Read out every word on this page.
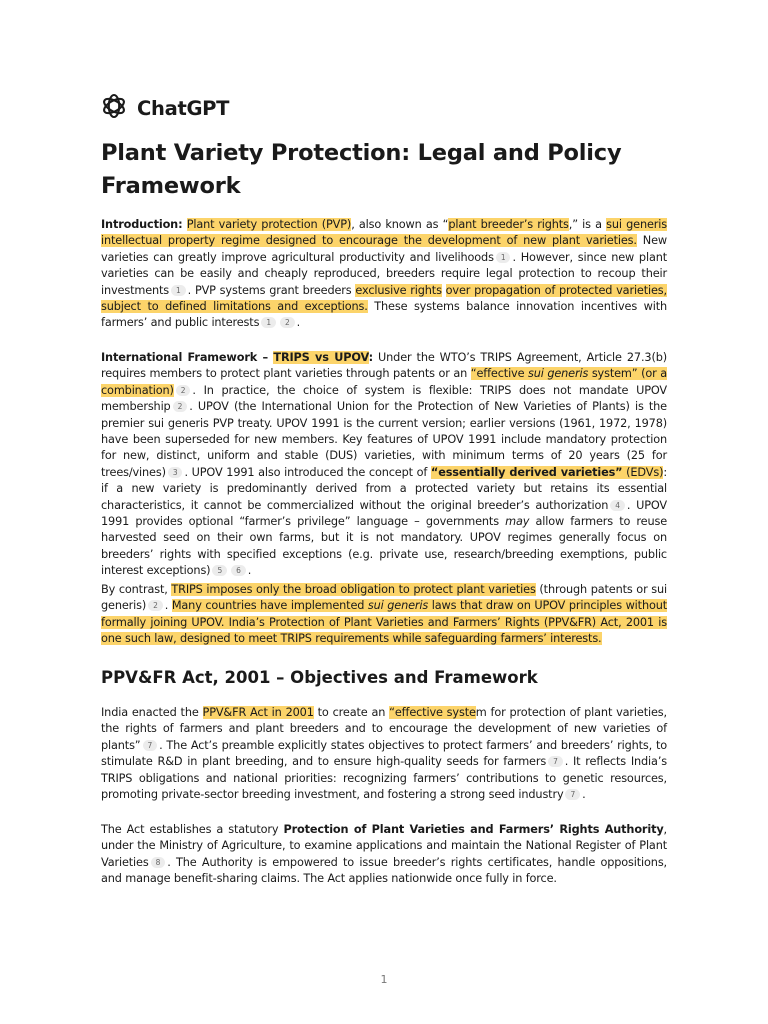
ChatGPT
Plant Variety Protection: Legal and Policy Framework

Introduction: Plant variety protection (PVP), also known as “plant breeder’s rights,” is a sui generis intellectual property regime designed to encourage the development of new plant varieties. New varieties can greatly improve agricultural productivity and livelihoods 1 . However, since new plant varieties can be easily and cheaply reproduced, breeders require legal protection to recoup their investments 1 . PVP systems grant breeders exclusive rights over propagation of protected varieties, subject to defined limitations and exceptions. These systems balance innovation incentives with farmers’ and public interests 1 2 .

International Framework – TRIPS vs UPOV: Under the WTO’s TRIPS Agreement, Article 27.3(b) requires members to protect plant varieties through patents or an “effective sui generis system” (or a combination) 2 . In practice, the choice of system is flexible: TRIPS does not mandate UPOV membership 2 . UPOV (the International Union for the Protection of New Varieties of Plants) is the premier sui generis PVP treaty. UPOV 1991 is the current version; earlier versions (1961, 1972, 1978) have been superseded for new members. Key features of UPOV 1991 include mandatory protection for new, distinct, uniform and stable (DUS) varieties, with minimum terms of 20 years (25 for trees/vines) 3 . UPOV 1991 also introduced the concept of “essentially derived varieties” (EDVs): if a new variety is predominantly derived from a protected variety but retains its essential characteristics, it cannot be commercialized without the original breeder’s authorization 4 . UPOV 1991 provides optional “farmer’s privilege” language – governments may allow farmers to reuse harvested seed on their own farms, but it is not mandatory. UPOV regimes generally focus on breeders’ rights with specified exceptions (e.g. private use, research/breeding exemptions, public interest exceptions) 5 6 .

By contrast, TRIPS imposes only the broad obligation to protect plant varieties (through patents or sui generis) 2 . Many countries have implemented sui generis laws that draw on UPOV principles without formally joining UPOV. India’s Protection of Plant Varieties and Farmers’ Rights (PPV&FR) Act, 2001 is one such law, designed to meet TRIPS requirements while safeguarding farmers’ interests.

PPV&FR Act, 2001 – Objectives and Framework

India enacted the PPV&FR Act in 2001 to create an “effective system for protection of plant varieties, the rights of farmers and plant breeders and to encourage the development of new varieties of plants” 7 . The Act’s preamble explicitly states objectives to protect farmers’ and breeders’ rights, to stimulate R&D in plant breeding, and to ensure high-quality seeds for farmers 7 . It reflects India’s TRIPS obligations and national priorities: recognizing farmers’ contributions to genetic resources, promoting private-sector breeding investment, and fostering a strong seed industry 7 .

The Act establishes a statutory Protection of Plant Varieties and Farmers’ Rights Authority, under the Ministry of Agriculture, to examine applications and maintain the National Register of Plant Varieties 8 . The Authority is empowered to issue breeder’s rights certificates, handle oppositions, and manage benefit-sharing claims. The Act applies nationwide once fully in force.

1
